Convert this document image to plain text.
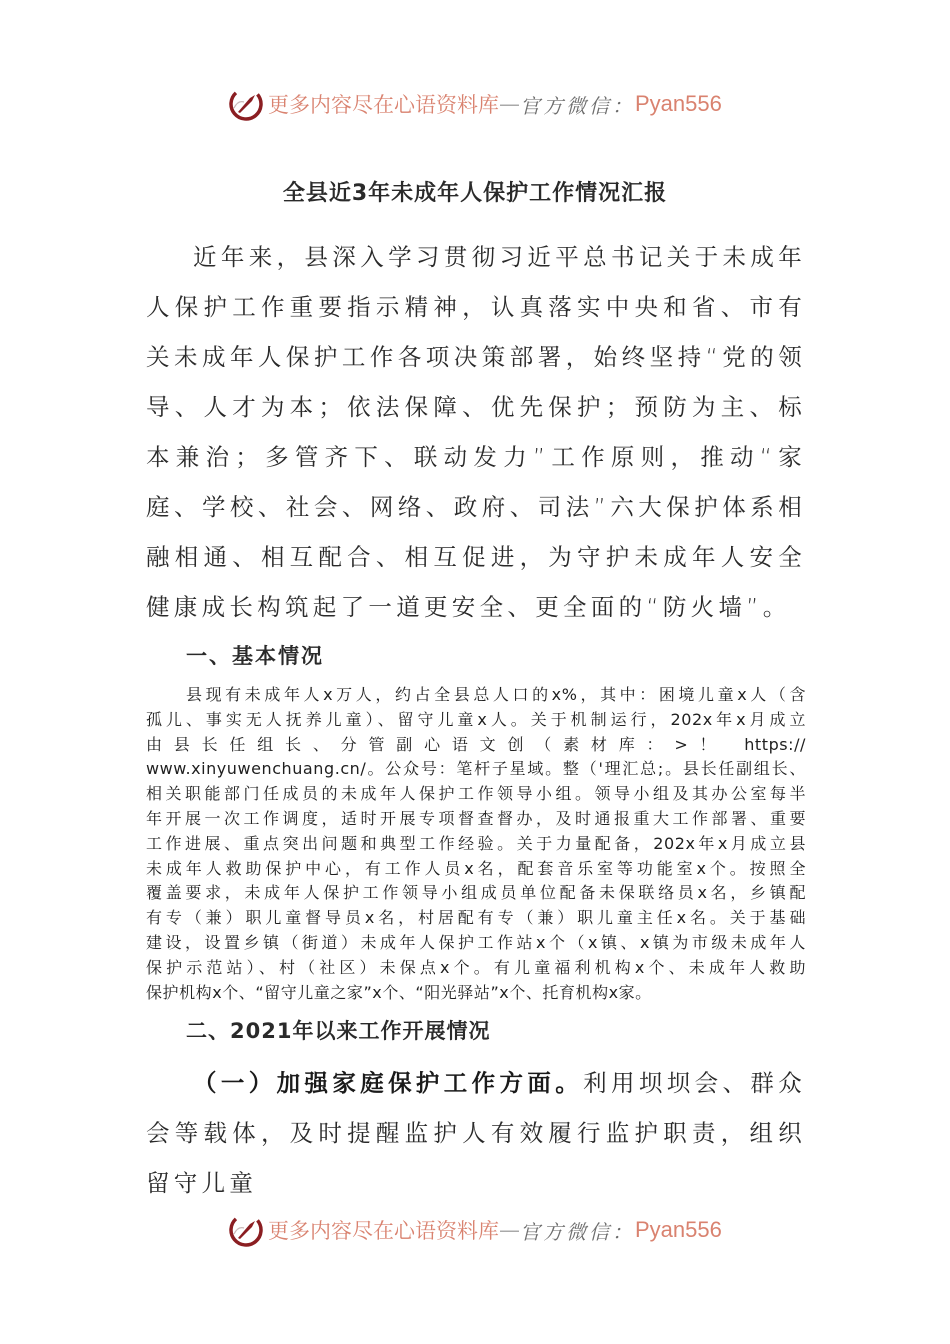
更多内容尽在心语资料库 — 官方微信： Pyan556
全县近3年未成年人保护工作情况汇报
近年来，县深入学习贯彻习近平总书记关于未成年人保护工作重要指示精神，认真落实中央和省、市有关未成年人保护工作各项决策部署，始终坚持“党的领导、人才为本；依法保障、优先保护；预防为主、标本兼治；多管齐下、联动发力”工作原则，推动“家庭、学校、社会、网络、政府、司法”六大保护体系相融相通、相互配合、相互促进，为守护未成年人安全健康成长构筑起了一道更安全、更全面的“防火墙”。
一、基本情况
县现有未成年人x万人，约占全县总人口的x%，其中：困境儿童x人（含
孤儿、事实无人抚养儿童）、留守儿童x人。关于机制运行，202x年x月成立
由县长任组长、分管副心语文创（素材库：>！ https://
www.xinyuwenchuang.cn/。公众号：笔杆子星域。整（'理汇总;。县长任副组长、
相关职能部门任成员的未成年人保护工作领导小组。领导小组及其办公室每半
年开展一次工作调度，适时开展专项督查督办，及时通报重大工作部署、重要
工作进展、重点突出问题和典型工作经验。关于力量配备，202x年x月成立县
未成年人救助保护中心，有工作人员x名，配套音乐室等功能室x个。按照全
覆盖要求，未成年人保护工作领导小组成员单位配备未保联络员x名，乡镇配
有专（兼）职儿童督导员x名，村居配有专（兼）职儿童主任x名。关于基础
建设，设置乡镇（街道）未成年人保护工作站x个（x镇、x镇为市级未成年人
保护示范站）、村（社区）未保点x个。有儿童福利机构x个、未成年人救助
保护机构x个、“留守儿童之家”x个、“阳光驿站”x个、托育机构x家。
二、2021年以来工作开展情况
（一）加强家庭保护工作方面。利用坝坝会、群众会等载体，及时提醒监护人有效履行监护职责，组织留守儿童
更多内容尽在心语资料库 — 官方微信： Pyan556
